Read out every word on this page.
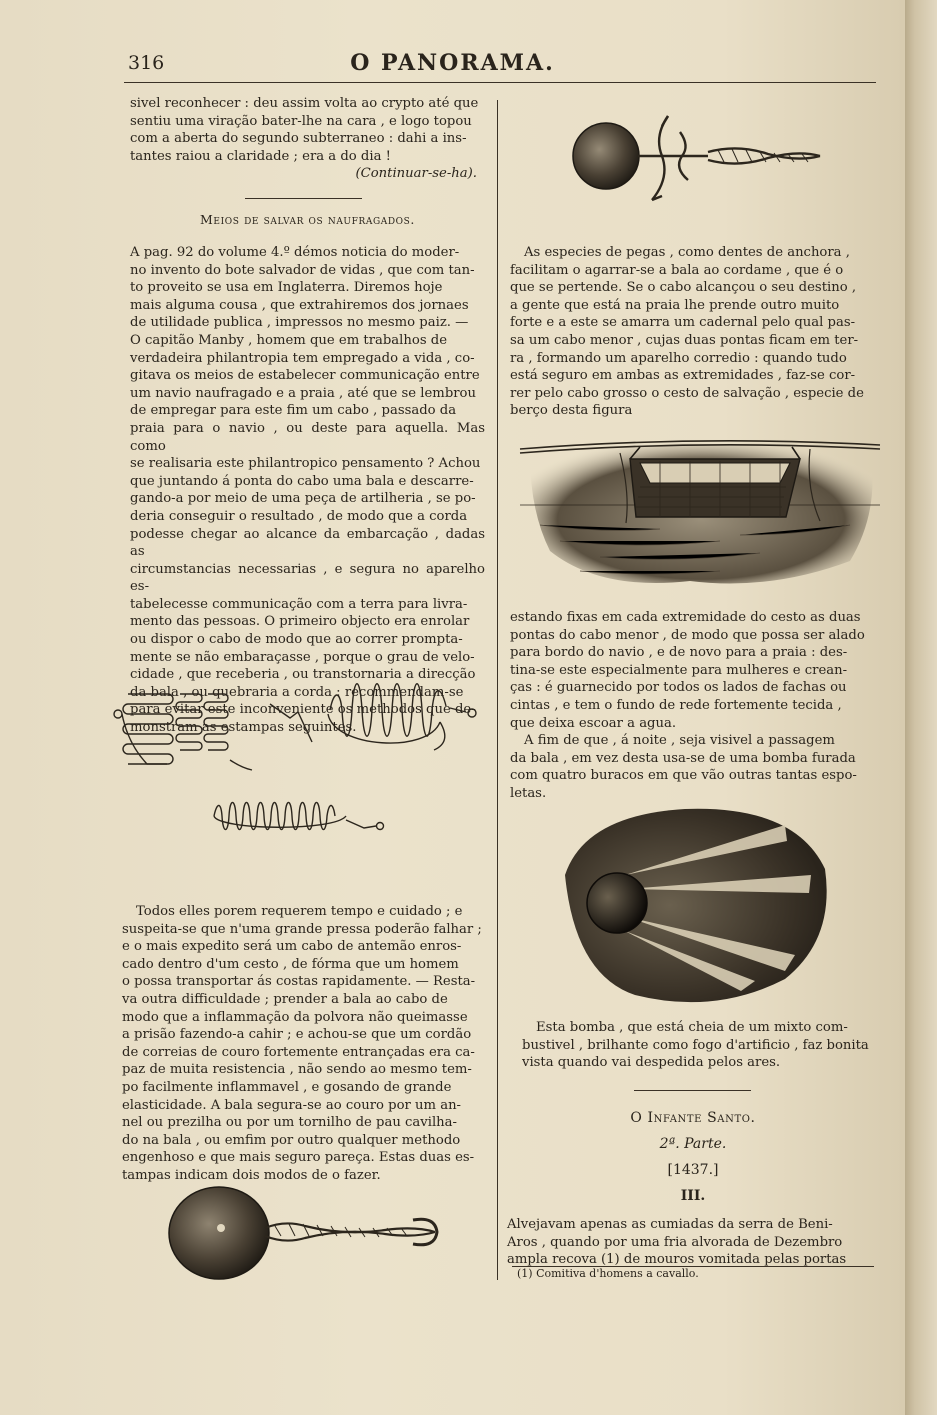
316	O PANORAMA.

sivel reconhecer : deu assim volta ao crypto até que

sentiu uma viração bater-lhe na cara , e logo topou

com a aberta do segundo subterraneo : dahi a ins-

tantes raiou a claridade ; era a do dia !

(Continuar-se-ha).

Meios de salvar os naufragados.

A pag. 92 do volume 4.º démos noticia do moder-

no invento do bote salvador de vidas , que com tan-

to proveito se usa em Inglaterra. Diremos hoje

mais alguma cousa , que extrahiremos dos jornaes

de utilidade publica , impressos no mesmo paiz. —

O capitão Manby , homem que em trabalhos de

verdadeira philantropia tem empregado a vida , co-

gitava os meios de estabelecer communicação entre

um navio naufragado e a praia , até que se lembrou

de empregar para este fim um cabo , passado da

praia para o navio , ou deste para aquella. Mas como

se realisaria este philantropico pensamento ? Achou

que juntando á ponta do cabo uma bala e descarre-

gando-a por meio de uma peça de artilheria , se po-

deria conseguir o resultado , de modo que a corda

podesse chegar ao alcance da embarcação , dadas as

circumstancias necessarias , e segura no aparelho es-

tabelecesse communicação com a terra para livra-

mento das pessoas. O primeiro objecto era enrolar

ou dispor o cabo de modo que ao correr prompta-

mente se não embaraçasse , porque o grau de velo-

cidade , que receberia , ou transtornaria a direcção

da bala , ou quebraria a corda : recommendam-se

para evitar este inconveniente os methodos que de-

monstram as estampas seguintes.

Todos elles porem requerem tempo e cuidado ; e

suspeita-se que n'uma grande pressa poderão falhar ;

e o mais expedito será um cabo de antemão enros-

cado dentro d'um cesto , de fórma que um homem

o possa transportar ás costas rapidamente. — Resta-

va outra difficuldade ; prender a bala ao cabo de

modo que a inflammação da polvora não queimasse

a prisão fazendo-a cahir ; e achou-se que um cordão

de correias de couro fortemente entrançadas era ca-

paz de muita resistencia , não sendo ao mesmo tem-

po facilmente inflammavel , e gosando de grande

elasticidade. A bala segura-se ao couro por um an-

nel ou prezilha ou por um tornilho de pau cavilha-

do na bala , ou emfim por outro qualquer methodo

engenhoso e que mais seguro pareça. Estas duas es-

tampas indicam dois modos de o fazer.

As especies de pegas , como dentes de anchora ,

facilitam o agarrar-se a bala ao cordame , que é o

que se pertende. Se o cabo alcançou o seu destino ,

a gente que está na praia lhe prende outro muito

forte e a este se amarra um cadernal pelo qual pas-

sa um cabo menor , cujas duas pontas ficam em ter-

ra , formando um aparelho corredio : quando tudo

está seguro em ambas as extremidades , faz-se cor-

rer pelo cabo grosso o cesto de salvação , especie de

berço desta figura

estando fixas em cada extremidade do cesto as duas

pontas do cabo menor , de modo que possa ser alado

para bordo do navio , e de novo para a praia : des-

tina-se este especialmente para mulheres e crean-

ças : é guarnecido por todos os lados de fachas ou

cintas , e tem o fundo de rede fortemente tecida ,

que deixa escoar a agua.

A fim de que , á noite , seja visivel a passagem

da bala , em vez desta usa-se de uma bomba furada

com quatro buracos em que vão outras tantas espo-

letas.

Esta bomba , que está cheia de um mixto com-

bustivel , brilhante como fogo d'artificio , faz bonita

vista quando vai despedida pelos ares.

O Infante Santo.

2ª. Parte.

[1437.]

III.

Alvejavam apenas as cumiadas da serra de Beni-

Aros , quando por uma fria alvorada de Dezembro

ampla recova (1) de mouros vomitada pelas portas

(1) Comitiva d'homens a cavallo.
